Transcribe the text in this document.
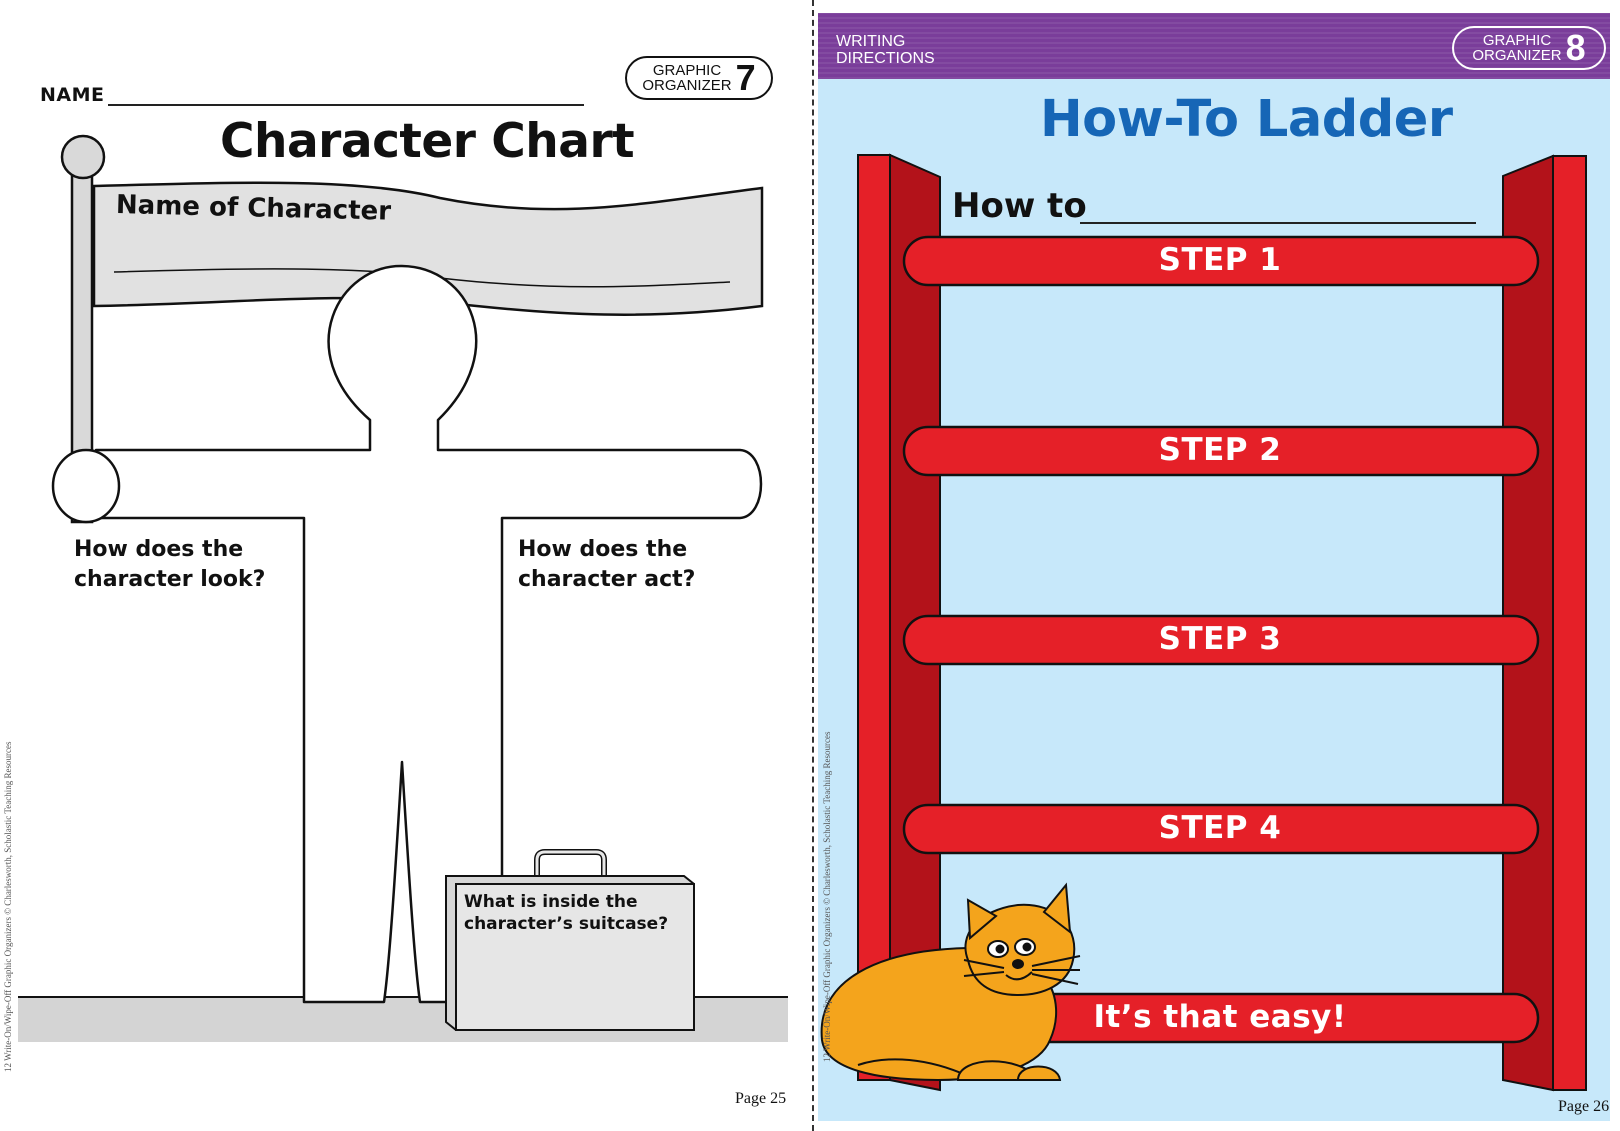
NAME
GRAPHIC
ORGANIZER 7
Character Chart
Name of Character
How does the
character look?
How does the
character act?
What is inside the
character’s suitcase?
Page 25
12 Write-On/Wipe-Off Graphic Organizers © Charlesworth, Scholastic Teaching Resources
WRITING
DIRECTIONS
GRAPHIC
ORGANIZER 8
How-To Ladder
How to
STEP 1
STEP 2
STEP 3
STEP 4
It’s that easy!
Page 26
12 Write-On/Wipe-Off Graphic Organizers © Charlesworth, Scholastic Teaching Resources
